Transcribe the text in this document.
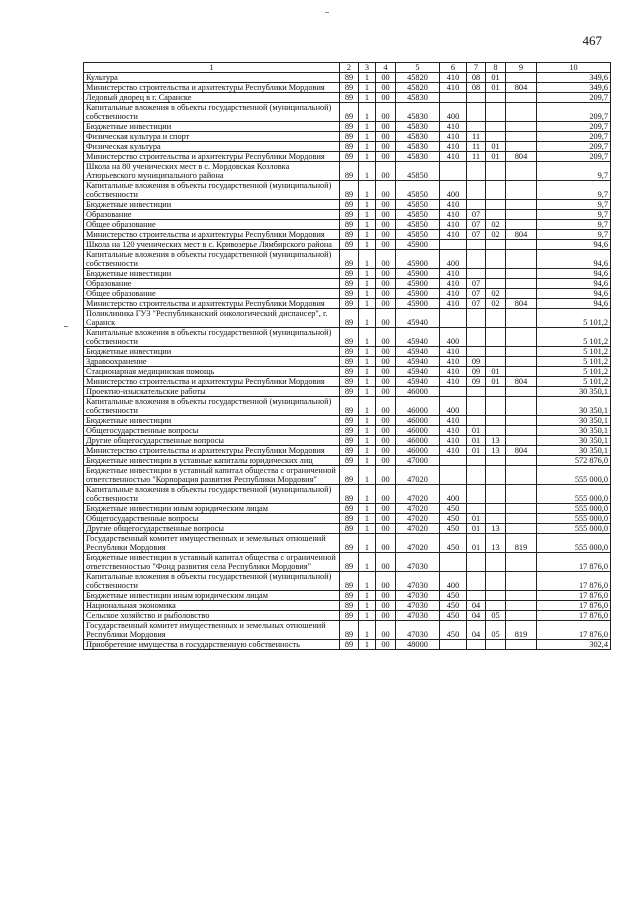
467
1	2	3	4	5	6	7	8	9	10
Культура	89	1	00	45820	410	08	01		349,6
Министерство строительства и архитектуры Республики Мордовия	89	1	00	45820	410	08	01	804	349,6
Ледовый дворец в г. Саранске	89	1	00	45830					209,7
Капитальные вложения в объекты государственной (муниципальной) собственности	89	1	00	45830	400				209,7
Бюджетные инвестиции	89	1	00	45830	410				209,7
Физическая культура и спорт	89	1	00	45830	410	11			209,7
Физическая культура	89	1	00	45830	410	11	01		209,7
Министерство строительства и архитектуры Республики Мордовия	89	1	00	45830	410	11	01	804	209,7
Школа на 80 ученических мест в с. Мордовская Козловка Атюрьевского муниципального района	89	1	00	45850					9,7
Капитальные вложения в объекты государственной (муниципальной) собственности	89	1	00	45850	400				9,7
Бюджетные инвестиции	89	1	00	45850	410				9,7
Образование	89	1	00	45850	410	07			9,7
Общее образование	89	1	00	45850	410	07	02		9,7
Министерство строительства и архитектуры Республики Мордовия	89	1	00	45850	410	07	02	804	9,7
Школа на 120 ученических мест в с. Кривозерье Лямбирского района	89	1	00	45900					94,6
Капитальные вложения в объекты государственной (муниципальной) собственности	89	1	00	45900	400				94,6
Бюджетные инвестиции	89	1	00	45900	410				94,6
Образование	89	1	00	45900	410	07			94,6
Общее образование	89	1	00	45900	410	07	02		94,6
Министерство строительства и архитектуры Республики Мордовия	89	1	00	45900	410	07	02	804	94,6
Поликлиника ГУЗ "Республиканский онкологический диспансер", г. Саранск	89	1	00	45940					5 101,2
Капитальные вложения в объекты государственной (муниципальной) собственности	89	1	00	45940	400				5 101,2
Бюджетные инвестиции	89	1	00	45940	410				5 101,2
Здравоохранение	89	1	00	45940	410	09			5 101,2
Стационарная медицинская помощь	89	1	00	45940	410	09	01		5 101,2
Министерство строительства и архитектуры Республики Мордовия	89	1	00	45940	410	09	01	804	5 101,2
Проектно-изыскательские работы	89	1	00	46000					30 350,1
Капитальные вложения в объекты государственной (муниципальной) собственности	89	1	00	46000	400				30 350,1
Бюджетные инвестиции	89	1	00	46000	410				30 350,1
Общегосударственные вопросы	89	1	00	46000	410	01			30 350,1
Другие общегосударственные вопросы	89	1	00	46000	410	01	13		30 350,1
Министерство строительства и архитектуры Республики Мордовия	89	1	00	46000	410	01	13	804	30 350,1
Бюджетные инвестиции в уставные капиталы юридических лиц	89	1	00	47000					572 876,0
Бюджетные инвестиции в уставный капитал общества с ограниченной ответственностью "Корпорация развития Республики Мордовия"	89	1	00	47020					555 000,0
Капитальные вложения в объекты государственной (муниципальной) собственности	89	1	00	47020	400				555 000,0
Бюджетные инвестиции иным юридическим лицам	89	1	00	47020	450				555 000,0
Общегосударственные вопросы	89	1	00	47020	450	01			555 000,0
Другие общегосударственные вопросы	89	1	00	47020	450	01	13		555 000,0
Государственный комитет имущественных и земельных отношений Республики Мордовия	89	1	00	47020	450	01	13	819	555 000,0
Бюджетные инвестиции в уставный капитал общества с ограниченной ответственностью "Фонд развития села Республики Мордовия"	89	1	00	47030					17 876,0
Капитальные вложения в объекты государственной (муниципальной) собственности	89	1	00	47030	400				17 876,0
Бюджетные инвестиции иным юридическим лицам	89	1	00	47030	450				17 876,0
Национальная экономика	89	1	00	47030	450	04			17 876,0
Сельское хозяйство и рыболовство	89	1	00	47030	450	04	05		17 876,0
Государственный комитет имущественных и земельных отношений Республики Мордовия	89	1	00	47030	450	04	05	819	17 876,0
Приобретение имущества в государственную собственность	89	1	00	48000					302,4
